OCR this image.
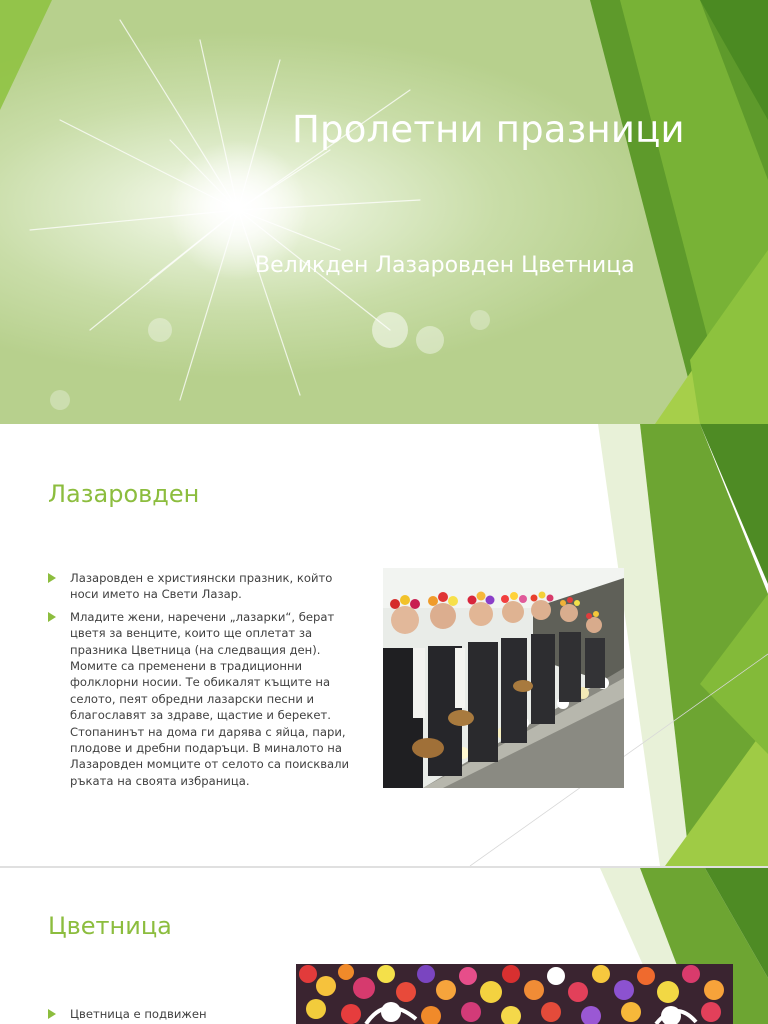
Пролетни празници
Великден Лазаровден Цветница
Лазаровден
Лазаровден е християнски празник, който носи името на Свети Лазар.
Младите жени, наречени „лазарки“, берат цветя за венците, които ще оплетат за празника Цветница (на следващия ден). Момите са пременени в традиционни фолклорни носии. Те обикалят къщите на селото, пеят обредни лазарски песни и благославят за здраве, щастие и берекет. Стопанинът на дома ги дарява с яйца, пари, плодове и дребни подаръци. В миналото на Лазаровден момците от селото са поисквали ръката на своята избраница.
Цветница
Цветница е подвижен
